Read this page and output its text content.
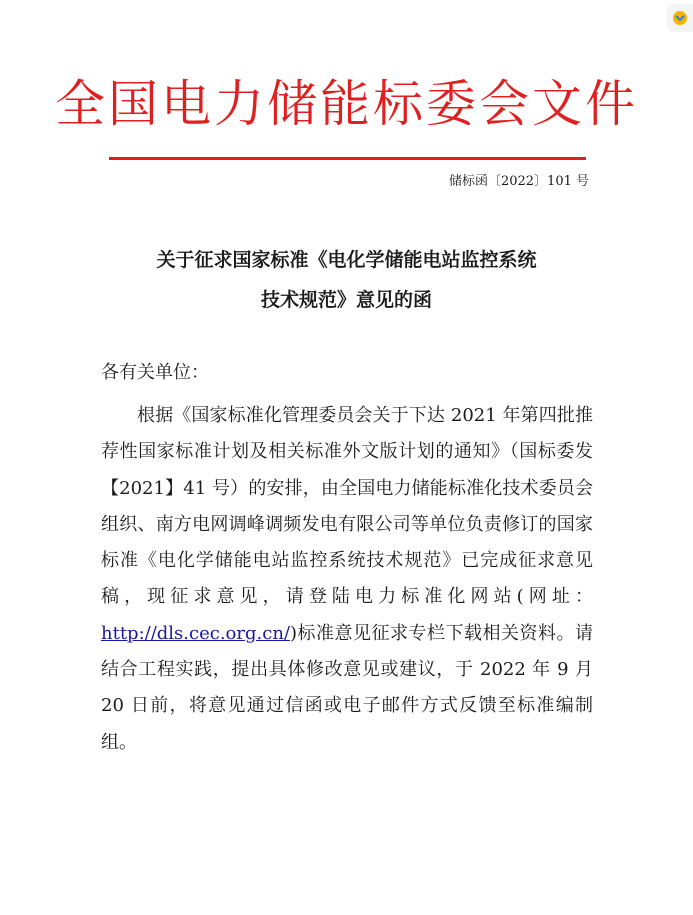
全国电力储能标委会文件
储标函〔2022〕101 号
关于征求国家标准《电化学储能电站监控系统
技术规范》意见的函
各有关单位：

根据《国家标准化管理委员会关于下达 2021 年第四批推荐性国家标准计划及相关标准外文版计划的通知》（国标委发【2021】41 号）的安排，由全国电力储能标准化技术委员会组织、南方电网调峰调频发电有限公司等单位负责修订的国家标准《电化学储能电站监控系统技术规范》已完成征求意见稿，现征求意见，请登陆电力标准化网站(网址：http://dls.cec.org.cn/)标准意见征求专栏下载相关资料。请结合工程实践，提出具体修改意见或建议，于 2022 年 9 月 20 日前，将意见通过信函或电子邮件方式反馈至标准编制组。
